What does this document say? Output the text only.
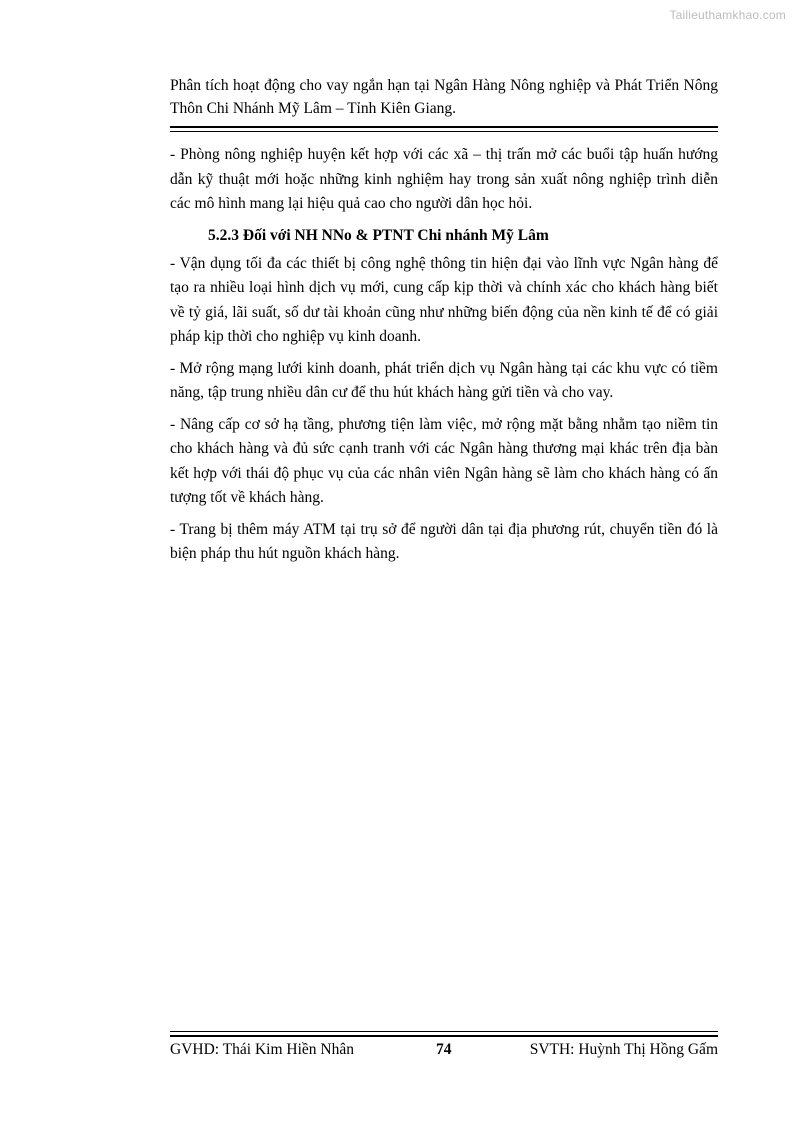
Tailieuthamkhao.com
Phân tích hoạt động cho vay ngắn hạn tại Ngân Hàng Nông nghiệp và Phát Triển Nông Thôn Chi Nhánh Mỹ Lâm – Tỉnh Kiên Giang.

- Phòng nông nghiệp huyện kết hợp với các xã – thị trấn mở các buổi tập huấn hướng dẫn kỹ thuật mới hoặc những kinh nghiệm hay trong sản xuất nông nghiệp trình diễn các mô hình mang lại hiệu quả cao cho người dân học hỏi.

5.2.3 Đối với NH NNo & PTNT Chi nhánh Mỹ Lâm

- Vận dụng tối đa các thiết bị công nghệ thông tin hiện đại vào lĩnh vực Ngân hàng để tạo ra nhiều loại hình dịch vụ mới, cung cấp kịp thời và chính xác cho khách hàng biết về tỷ giá, lãi suất, số dư tài khoản cũng như những biến động của nền kinh tế để có giải pháp kịp thời cho nghiệp vụ kinh doanh.

- Mở rộng mạng lưới kinh doanh, phát triển dịch vụ Ngân hàng tại các khu vực có tiềm năng, tập trung nhiều dân cư để thu hút khách hàng gửi tiền và cho vay.

- Nâng cấp cơ sở hạ tầng, phương tiện làm việc, mở rộng mặt bằng nhằm tạo niềm tin cho khách hàng và đủ sức cạnh tranh với các Ngân hàng thương mại khác trên địa bàn kết hợp với thái độ phục vụ của các nhân viên Ngân hàng sẽ làm cho khách hàng có ấn tượng tốt về khách hàng.

- Trang bị thêm máy ATM tại trụ sở để người dân tại địa phương rút, chuyển tiền đó là biện pháp thu hút nguồn khách hàng.

GVHD: Thái Kim Hiền Nhân	74	SVTH: Huỳnh Thị Hồng Gấm
